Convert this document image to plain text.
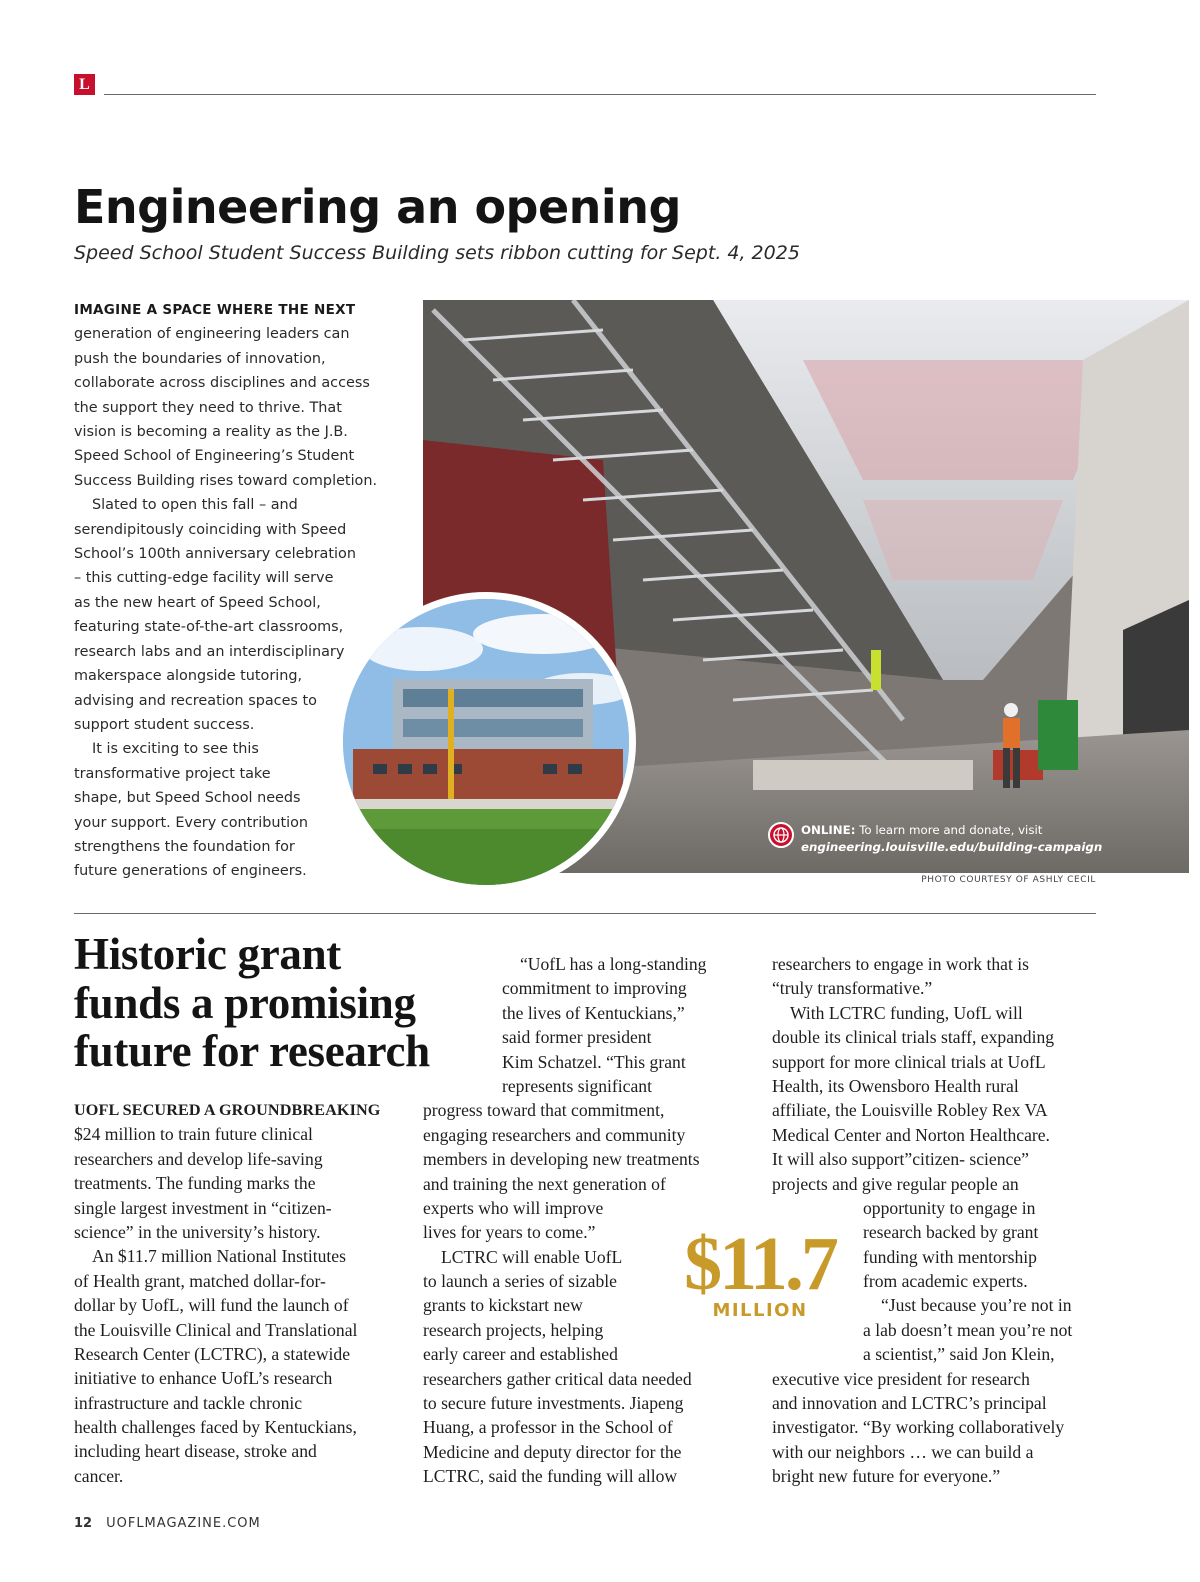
L
Engineering an opening
Speed School Student Success Building sets ribbon cutting for Sept. 4, 2025
IMAGINE A SPACE WHERE THE NEXT
generation of engineering leaders can
push the boundaries of innovation,
collaborate across disciplines and access
the support they need to thrive. That
vision is becoming a reality as the J.B.
Speed School of Engineering’s Student
Success Building rises toward completion.
Slated to open this fall – and
serendipitously coinciding with Speed
School’s 100th anniversary celebration
– this cutting-edge facility will serve
as the new heart of Speed School,
featuring state-of-the-art classrooms,
research labs and an interdisciplinary
makerspace alongside tutoring,
advising and recreation spaces to
support student success.
It is exciting to see this
transformative project take
shape, but Speed School needs
your support. Every contribution
strengthens the foundation for
future generations of engineers.
ONLINE: To learn more and donate, visit
engineering.louisville.edu/building-campaign
PHOTO COURTESY OF ASHLY CECIL
Historic grant
funds a promising
future for research
UOFL SECURED A GROUNDBREAKING
$24 million to train future clinical
researchers and develop life-saving
treatments. The funding marks the
single largest investment in “citizen-
science” in the university’s history.
An $11.7 million National Institutes
of Health grant, matched dollar-for-
dollar by UofL, will fund the launch of
the Louisville Clinical and Translational
Research Center (LCTRC), a statewide
initiative to enhance UofL’s research
infrastructure and tackle chronic
health challenges faced by Kentuckians,
including heart disease, stroke and
cancer.
“UofL has a long-standing
commitment to improving
the lives of Kentuckians,”
said former president
Kim Schatzel. “This grant
represents significant
progress toward that commitment,
engaging researchers and community
members in developing new treatments
and training the next generation of
experts who will improve
lives for years to come.”
LCTRC will enable UofL
to launch a series of sizable
grants to kickstart new
research projects, helping
early career and established
researchers gather critical data needed
to secure future investments. Jiapeng
Huang, a professor in the School of
Medicine and deputy director for the
LCTRC, said the funding will allow
researchers to engage in work that is
“truly transformative.”
With LCTRC funding, UofL will
double its clinical trials staff, expanding
support for more clinical trials at UofL
Health, its Owensboro Health rural
affiliate, the Louisville Robley Rex VA
Medical Center and Norton Healthcare.
It will also support”citizen- science”
projects and give regular people an
opportunity to engage in
research backed by grant
funding with mentorship
from academic experts.
“Just because you’re not in
a lab doesn’t mean you’re not
a scientist,” said Jon Klein,
executive vice president for research
and innovation and LCTRC’s principal
investigator. “By working collaboratively
with our neighbors … we can build a
bright new future for everyone.”
$11.7
MILLION
12 UOFLMAGAZINE.COM
